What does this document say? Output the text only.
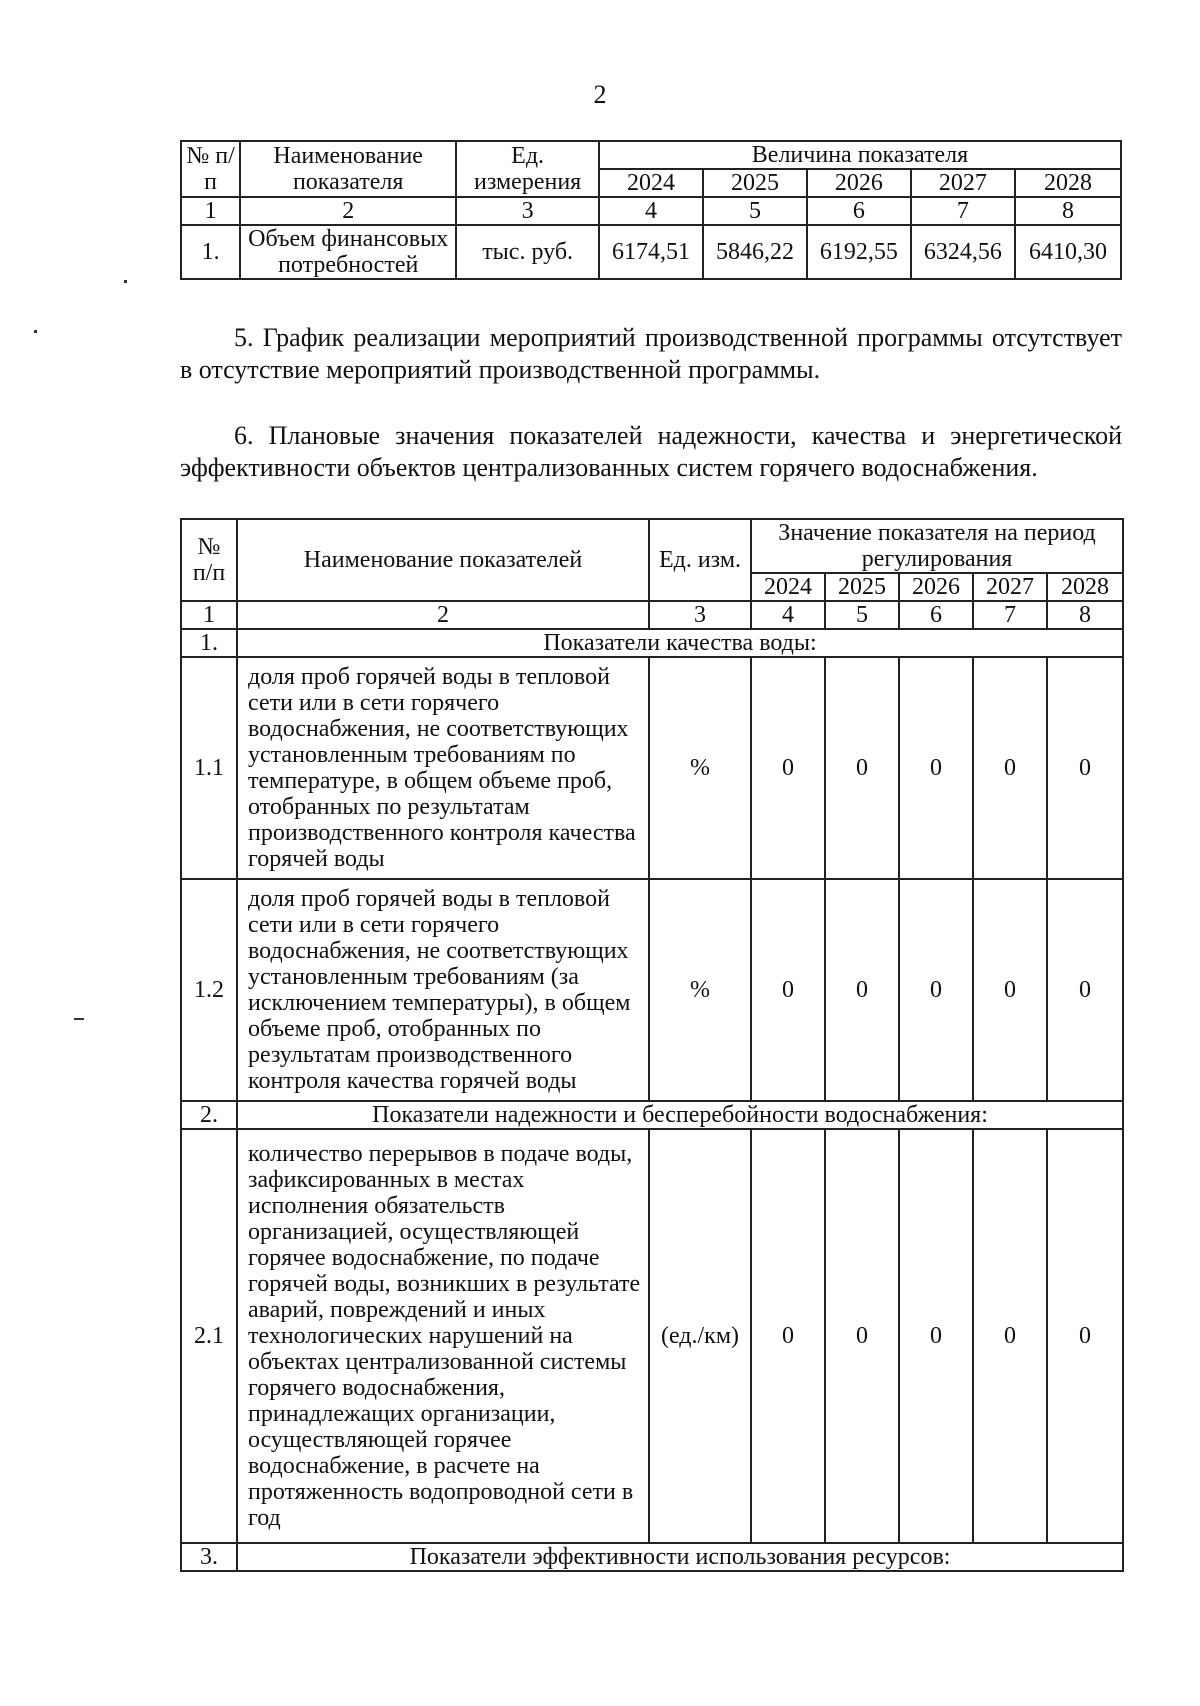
2
№ п/п	Наименование показателя	Ед. измерения	Величина показателя				
			2024	2025	2026	2027	2028
1	2	3	4	5	6	7	8
1.	Объем финансовых потребностей	тыс. руб.	6174,51	5846,22	6192,55	6324,56	6410,30

5. График реализации мероприятий производственной программы отсутствует в отсутствие мероприятий производственной программы.

6. Плановые значения показателей надежности, качества и энергетической эффективности объектов централизованных систем горячего водоснабжения.

№ п/п	Наименование показателей	Ед. изм.	Значение показателя на период регулирования				
			2024	2025	2026	2027	2028
1	2	3	4	5	6	7	8
1.	Показатели качества воды:						
1.1	доля проб горячей воды в тепловой сети или в сети горячего водоснабжения, не соответствующих установленным требованиям по температуре, в общем объеме проб, отобранных по результатам производственного контроля качества горячей воды	%	0	0	0	0	0
1.2	доля проб горячей воды в тепловой сети или в сети горячего водоснабжения, не соответствующих установленным требованиям (за исключением температуры), в общем объеме проб, отобранных по результатам производственного контроля качества горячей воды	%	0	0	0	0	0
2.	Показатели надежности и бесперебойности водоснабжения:						
2.1	количество перерывов в подаче воды, зафиксированных в местах исполнения обязательств организацией, осуществляющей горячее водоснабжение, по подаче горячей воды, возникших в результате аварий, повреждений и иных технологических нарушений на объектах централизованной системы горячего водоснабжения, принадлежащих организации, осуществляющей горячее водоснабжение, в расчете на протяженность водопроводной сети в год	(ед./км)	0	0	0	0	0
3.	Показатели эффективности использования ресурсов:						
